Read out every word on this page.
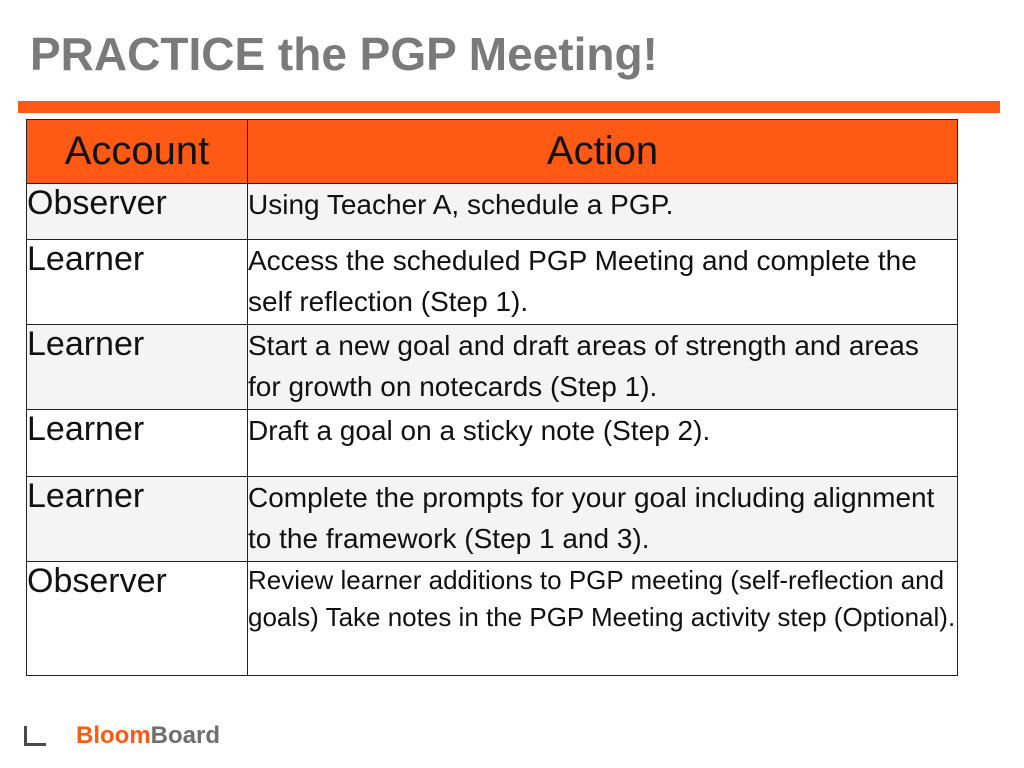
PRACTICE the PGP Meeting!
Account	Action
Observer	Using Teacher A, schedule a PGP.
Learner	Access the scheduled PGP Meeting and complete the self reflection (Step 1).
Learner	Start a new goal and draft areas of strength and areas for growth on notecards (Step 1).
Learner	Draft a goal on a sticky note (Step 2).
Learner	Complete the prompts for your goal including alignment to the framework (Step 1 and 3).
Observer	Review learner additions to PGP meeting (self-reflection and goals) Take notes in the PGP Meeting activity step (Optional).
Bloom Board
